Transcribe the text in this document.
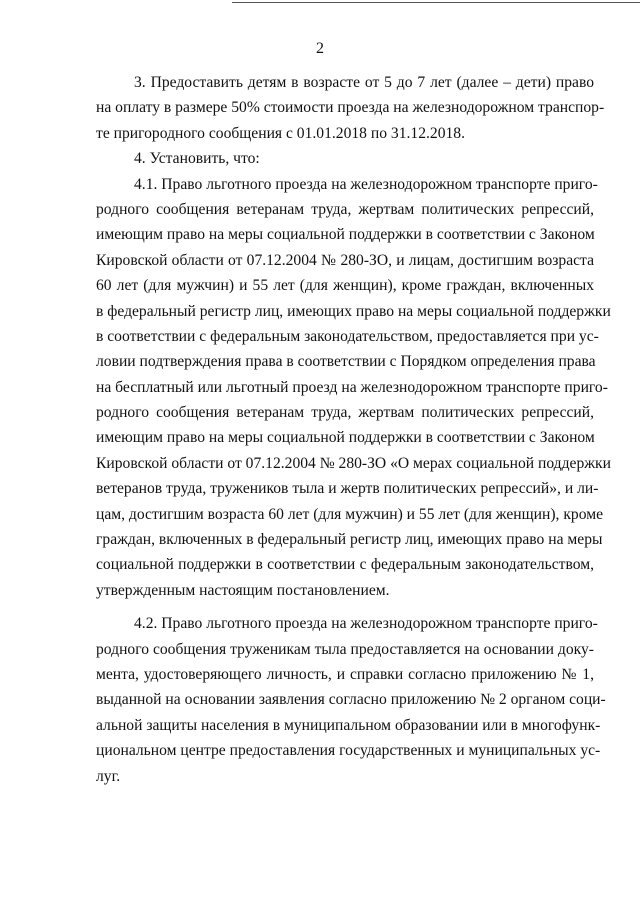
2
3. Предоставить детям в возрасте от 5 до 7 лет (далее – дети) право
на оплату в размере 50% стоимости проезда на железнодорожном транспор-
те пригородного сообщения с 01.01.2018 по 31.12.2018.
4. Установить, что:
4.1. Право льготного проезда на железнодорожном транспорте приго-
родного сообщения ветеранам труда, жертвам политических репрессий,
имеющим право на меры социальной поддержки в соответствии с Законом
Кировской области от 07.12.2004 № 280-ЗО, и лицам, достигшим возраста
60 лет (для мужчин) и 55 лет (для женщин), кроме граждан, включенных
в федеральный регистр лиц, имеющих право на меры социальной поддержки
в соответствии с федеральным законодательством, предоставляется при ус-
ловии подтверждения права в соответствии с Порядком определения права
на бесплатный или льготный проезд на железнодорожном транспорте приго-
родного сообщения ветеранам труда, жертвам политических репрессий,
имеющим право на меры социальной поддержки в соответствии с Законом
Кировской области от 07.12.2004 № 280-ЗО «О мерах социальной поддержки
ветеранов труда, тружеников тыла и жертв политических репрессий», и ли-
цам, достигшим возраста 60 лет (для мужчин) и 55 лет (для женщин), кроме
граждан, включенных в федеральный регистр лиц, имеющих право на меры
социальной поддержки в соответствии с федеральным законодательством,
утвержденным настоящим постановлением.
4.2. Право льготного проезда на железнодорожном транспорте приго-
родного сообщения труженикам тыла предоставляется на основании доку-
мента, удостоверяющего личность, и справки согласно приложению № 1,
выданной на основании заявления согласно приложению № 2 органом соци-
альной защиты населения в муниципальном образовании или в многофунк-
циональном центре предоставления государственных и муниципальных ус-
луг.
